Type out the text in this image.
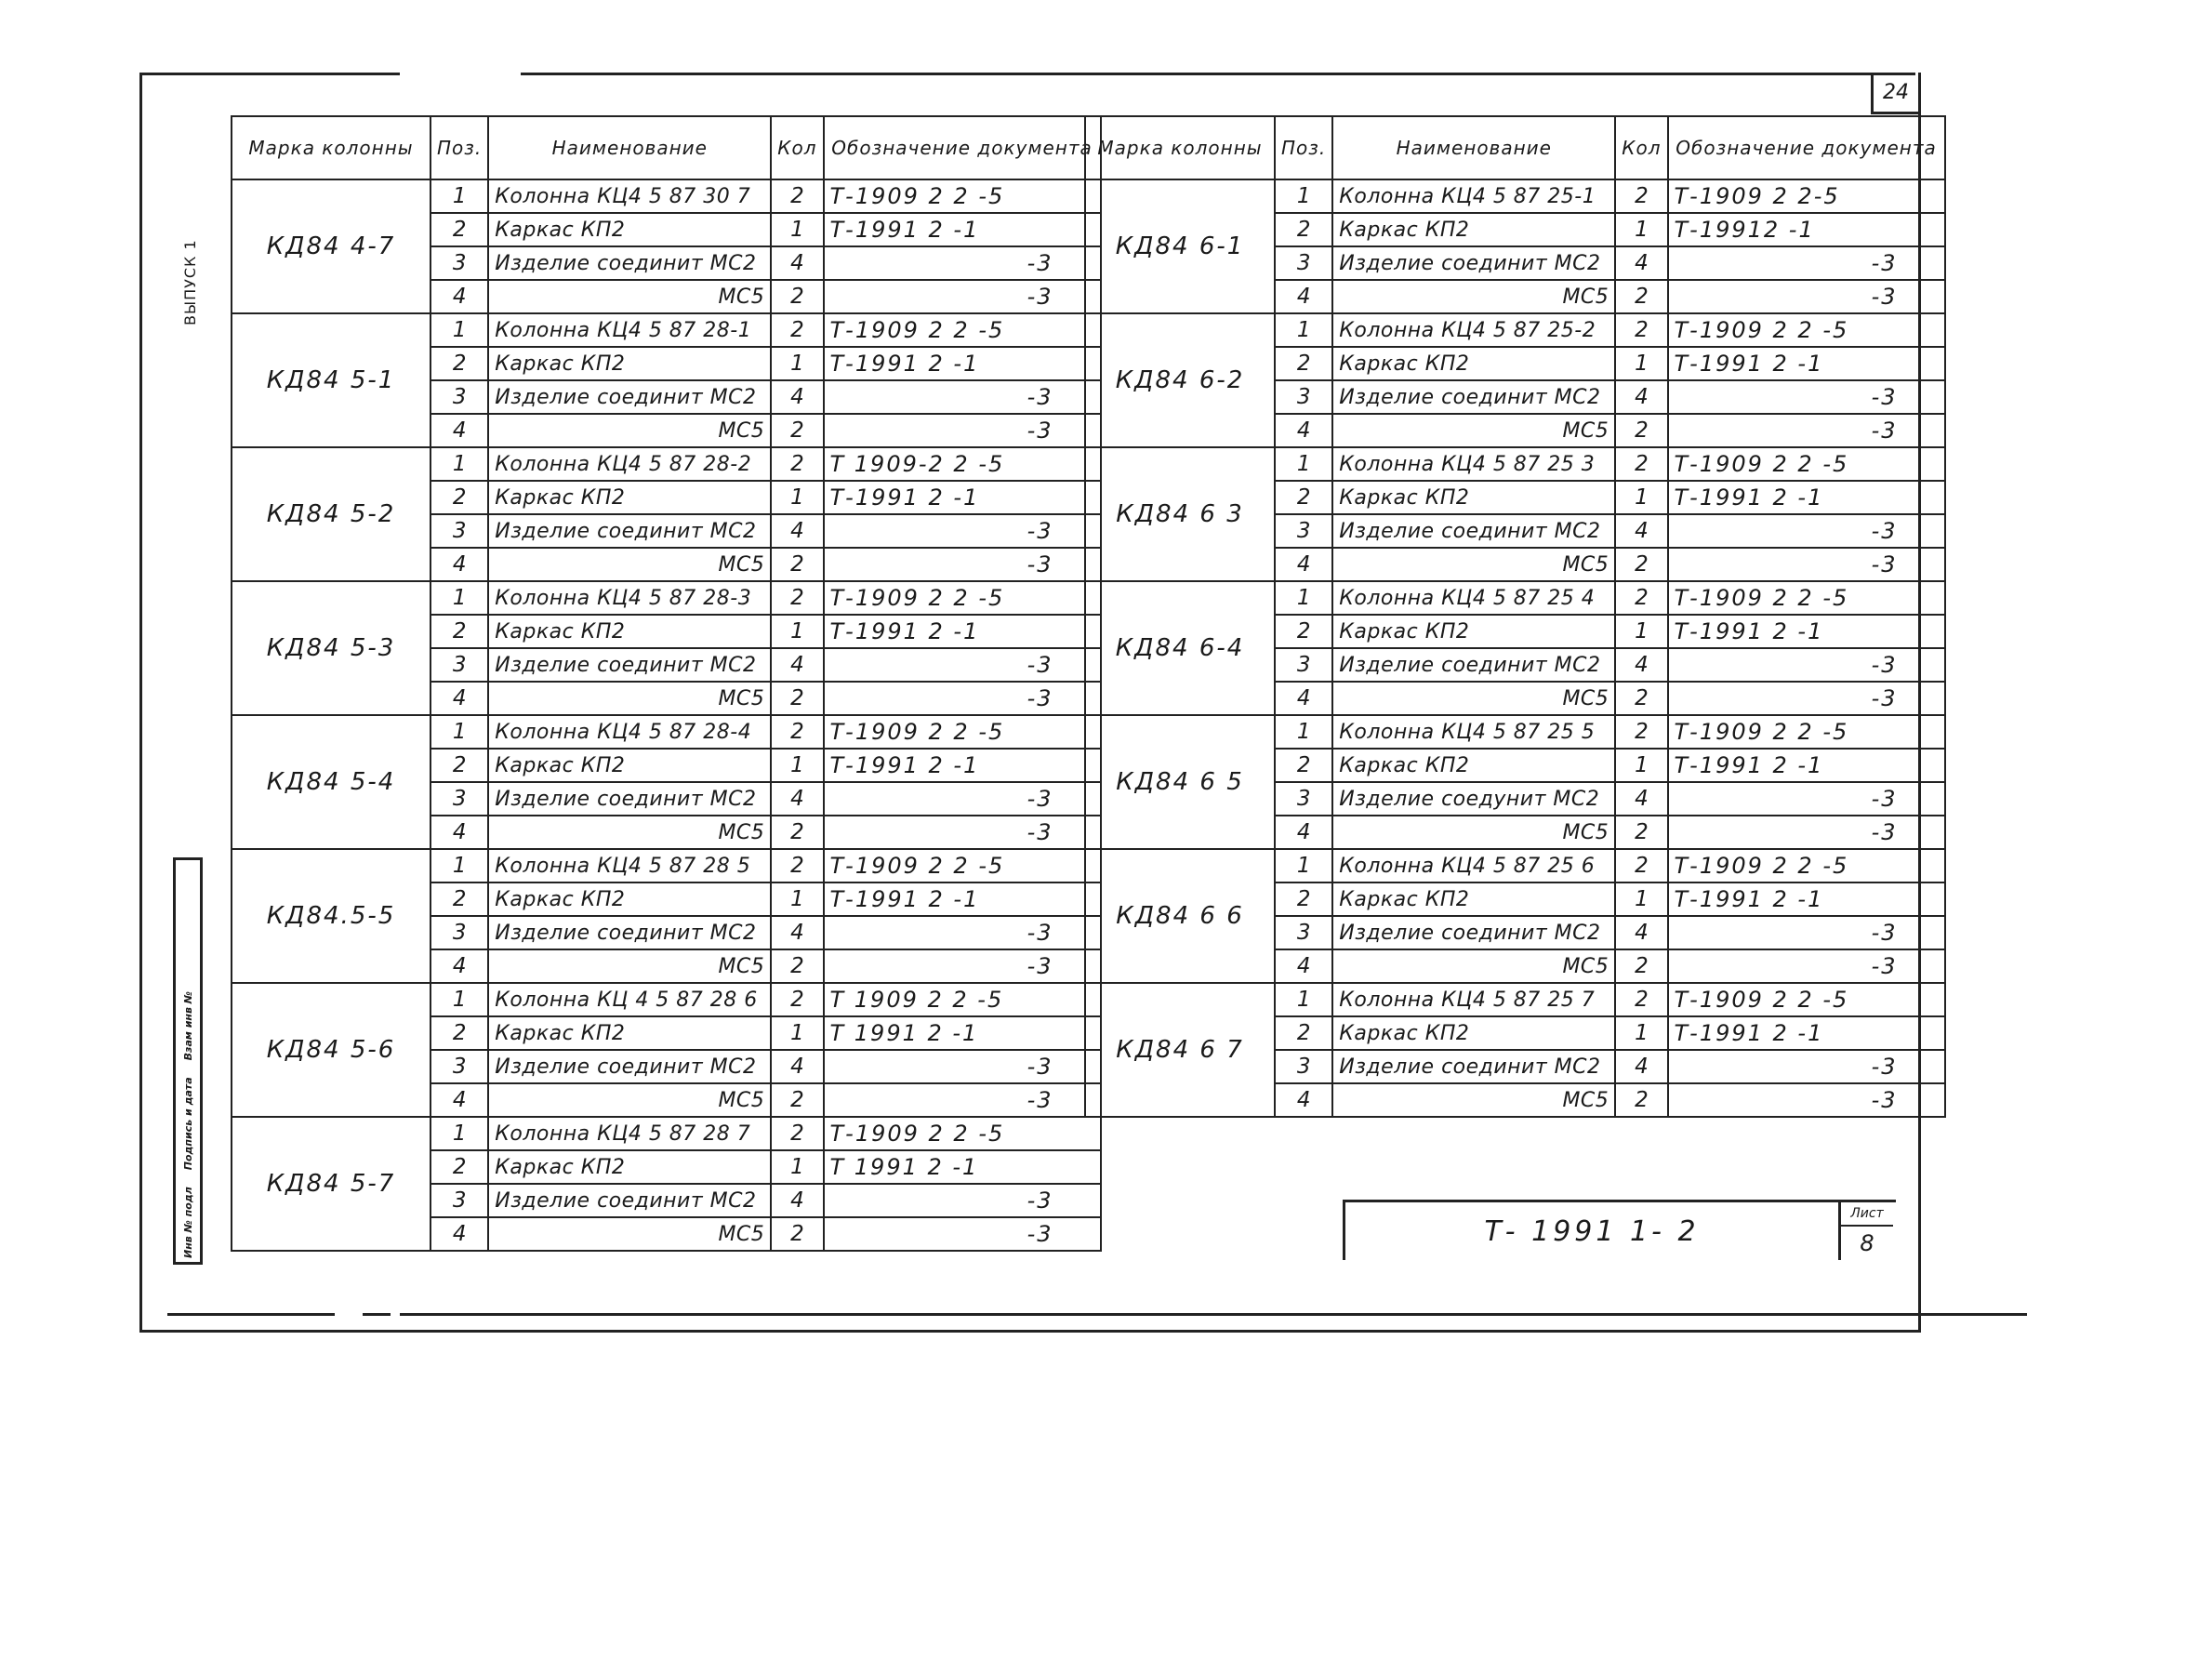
24
ВЫПУСК 1
Инв № подл
Подпись и дата
Взам инв №
Марка колонны	Поз.	Наименование	Кол	Обозначение документа
КД84 4-7	1	Колонна КЦ4 5 87 30 7	2	Т-1909 2 2 -5
	2	Каркас КП2	1	Т-1991 2 -1
	3	Изделие соединит МС2	4	-3
	4	МС5	2	-3
КД84 5-1	1	Колонна КЦ4 5 87 28-1	2	Т-1909 2 2 -5
	2	Каркас КП2	1	Т-1991 2 -1
	3	Изделие соединит МС2	4	-3
	4	МС5	2	-3
КД84 5-2	1	Колонна КЦ4 5 87 28-2	2	Т 1909-2 2 -5
	2	Каркас КП2	1	Т-1991 2 -1
	3	Изделие соединит МС2	4	-3
	4	МС5	2	-3
КД84 5-3	1	Колонна КЦ4 5 87 28-3	2	Т-1909 2 2 -5
	2	Каркас КП2	1	Т-1991 2 -1
	3	Изделие соединит МС2	4	-3
	4	МС5	2	-3
КД84 5-4	1	Колонна КЦ4 5 87 28-4	2	Т-1909 2 2 -5
	2	Каркас КП2	1	Т-1991 2 -1
	3	Изделие соединит МС2	4	-3
	4	МС5	2	-3
КД84.5-5	1	Колонна КЦ4 5 87 28 5	2	Т-1909 2 2 -5
	2	Каркас КП2	1	Т-1991 2 -1
	3	Изделие соединит МС2	4	-3
	4	МС5	2	-3
КД84 5-6	1	Колонна КЦ 4 5 87 28 6	2	Т 1909 2 2 -5
	2	Каркас КП2	1	Т 1991 2 -1
	3	Изделие соединит МС2	4	-3
	4	МС5	2	-3
КД84 5-7	1	Колонна КЦ4 5 87 28 7	2	Т-1909 2 2 -5
	2	Каркас КП2	1	Т 1991 2 -1
	3	Изделие соединит МС2	4	-3
	4	МС5	2	-3
Марка колонны	Поз.	Наименование	Кол	Обозначение документа
КД84 6-1	1	Колонна КЦ4 5 87 25-1	2	Т-1909 2 2-5
	2	Каркас КП2	1	Т-19912 -1
	3	Изделие соединит МС2	4	-3
	4	МС5	2	-3
КД84 6-2	1	Колонна КЦ4 5 87 25-2	2	Т-1909 2 2 -5
	2	Каркас КП2	1	Т-1991 2 -1
	3	Изделие соединит МС2	4	-3
	4	МС5	2	-3
КД84 6 3	1	Колонна КЦ4 5 87 25 3	2	Т-1909 2 2 -5
	2	Каркас КП2	1	Т-1991 2 -1
	3	Изделие соединит МС2	4	-3
	4	МС5	2	-3
КД84 6-4	1	Колонна КЦ4 5 87 25 4	2	Т-1909 2 2 -5
	2	Каркас КП2	1	Т-1991 2 -1
	3	Изделие соединит МС2	4	-3
	4	МС5	2	-3
КД84 6 5	1	Колонна КЦ4 5 87 25 5	2	Т-1909 2 2 -5
	2	Каркас КП2	1	Т-1991 2 -1
	3	Изделие соедунит МС2	4	-3
	4	МС5	2	-3
КД84 6 6	1	Колонна КЦ4 5 87 25 6	2	Т-1909 2 2 -5
	2	Каркас КП2	1	Т-1991 2 -1
	3	Изделие соединит МС2	4	-3
	4	МС5	2	-3
КД84 6 7	1	Колонна КЦ4 5 87 25 7	2	Т-1909 2 2 -5
	2	Каркас КП2	1	Т-1991 2 -1
	3	Изделие соединит МС2	4	-3
	4	МС5	2	-3
Т- 1991 1- 2
Лист
8
